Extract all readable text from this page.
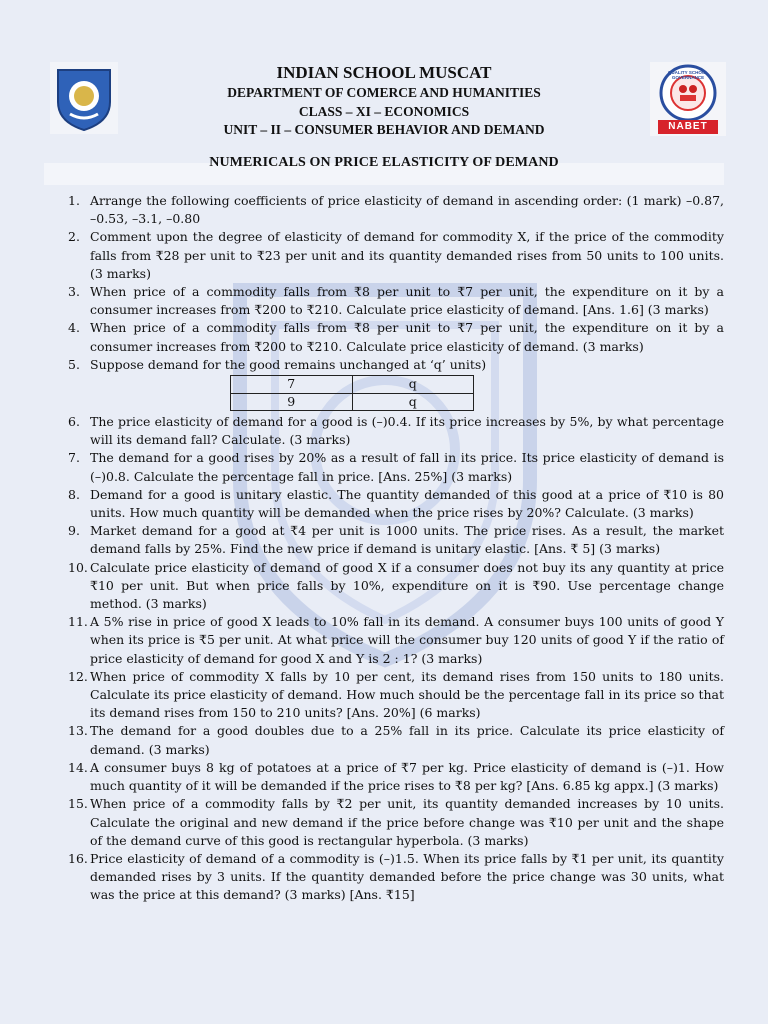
INDIAN SCHOOL MUSCAT
DEPARTMENT OF COMERCE AND HUMANITIES
CLASS – XI – ECONOMICS
UNIT – II – CONSUMER BEHAVIOR AND DEMAND	NABET
QUALITY SCHOOL GOVERNANCE
NUMERICALS ON PRICE ELASTICITY OF DEMAND
1. Arrange the following coefficients of price elasticity of demand in ascending order: (1 mark) –0.87, –0.53, –3.1, –0.80
2. Comment upon the degree of elasticity of demand for commodity X, if the price of the commodity falls from ₹28 per unit to ₹23 per unit and its quantity demanded rises from 50 units to 100 units. (3 marks)
3. When price of a commodity falls from ₹8 per unit to ₹7 per unit, the expenditure on it by a consumer increases from ₹200 to ₹210. Calculate price elasticity of demand. [Ans. 1.6] (3 marks)
4. When price of a commodity falls from ₹8 per unit to ₹7 per unit, the expenditure on it by a consumer increases from ₹200 to ₹210. Calculate price elasticity of demand. (3 marks)
5. Suppose demand for the good remains unchanged at ‘q’ units)
7	q
9	q
6. The price elasticity of demand for a good is (–)0.4. If its price increases by 5%, by what percentage will its demand fall? Calculate. (3 marks)
7. The demand for a good rises by 20% as a result of fall in its price. Its price elasticity of demand is (–)0.8. Calculate the percentage fall in price. [Ans. 25%] (3 marks)
8. Demand for a good is unitary elastic. The quantity demanded of this good at a price of ₹10 is 80 units. How much quantity will be demanded when the price rises by 20%? Calculate. (3 marks)
9. Market demand for a good at ₹4 per unit is 1000 units. The price rises. As a result, the market demand falls by 25%. Find the new price if demand is unitary elastic. [Ans. ₹ 5] (3 marks)
10. Calculate price elasticity of demand of good X if a consumer does not buy its any quantity at price ₹10 per unit. But when price falls by 10%, expenditure on it is ₹90. Use percentage change method. (3 marks)
11. A 5% rise in price of good X leads to 10% fall in its demand. A consumer buys 100 units of good Y when its price is ₹5 per unit. At what price will the consumer buy 120 units of good Y if the ratio of price elasticity of demand for good X and Y is 2 : 1? (3 marks)
12. When price of commodity X falls by 10 per cent, its demand rises from 150 units to 180 units. Calculate its price elasticity of demand. How much should be the percentage fall in its price so that its demand rises from 150 to 210 units? [Ans. 20%] (6 marks)
13. The demand for a good doubles due to a 25% fall in its price. Calculate its price elasticity of demand. (3 marks)
14. A consumer buys 8 kg of potatoes at a price of ₹7 per kg. Price elasticity of demand is (–)1. How much quantity of it will be demanded if the price rises to ₹8 per kg? [Ans. 6.85 kg appx.] (3 marks)
15. When price of a commodity falls by ₹2 per unit, its quantity demanded increases by 10 units. Calculate the original and new demand if the price before change was ₹10 per unit and the shape of the demand curve of this good is rectangular hyperbola. (3 marks)
16. Price elasticity of demand of a commodity is (–)1.5. When its price falls by ₹1 per unit, its quantity demanded rises by 3 units. If the quantity demanded before the price change was 30 units, what was the price at this demand? (3 marks) [Ans. ₹15]
